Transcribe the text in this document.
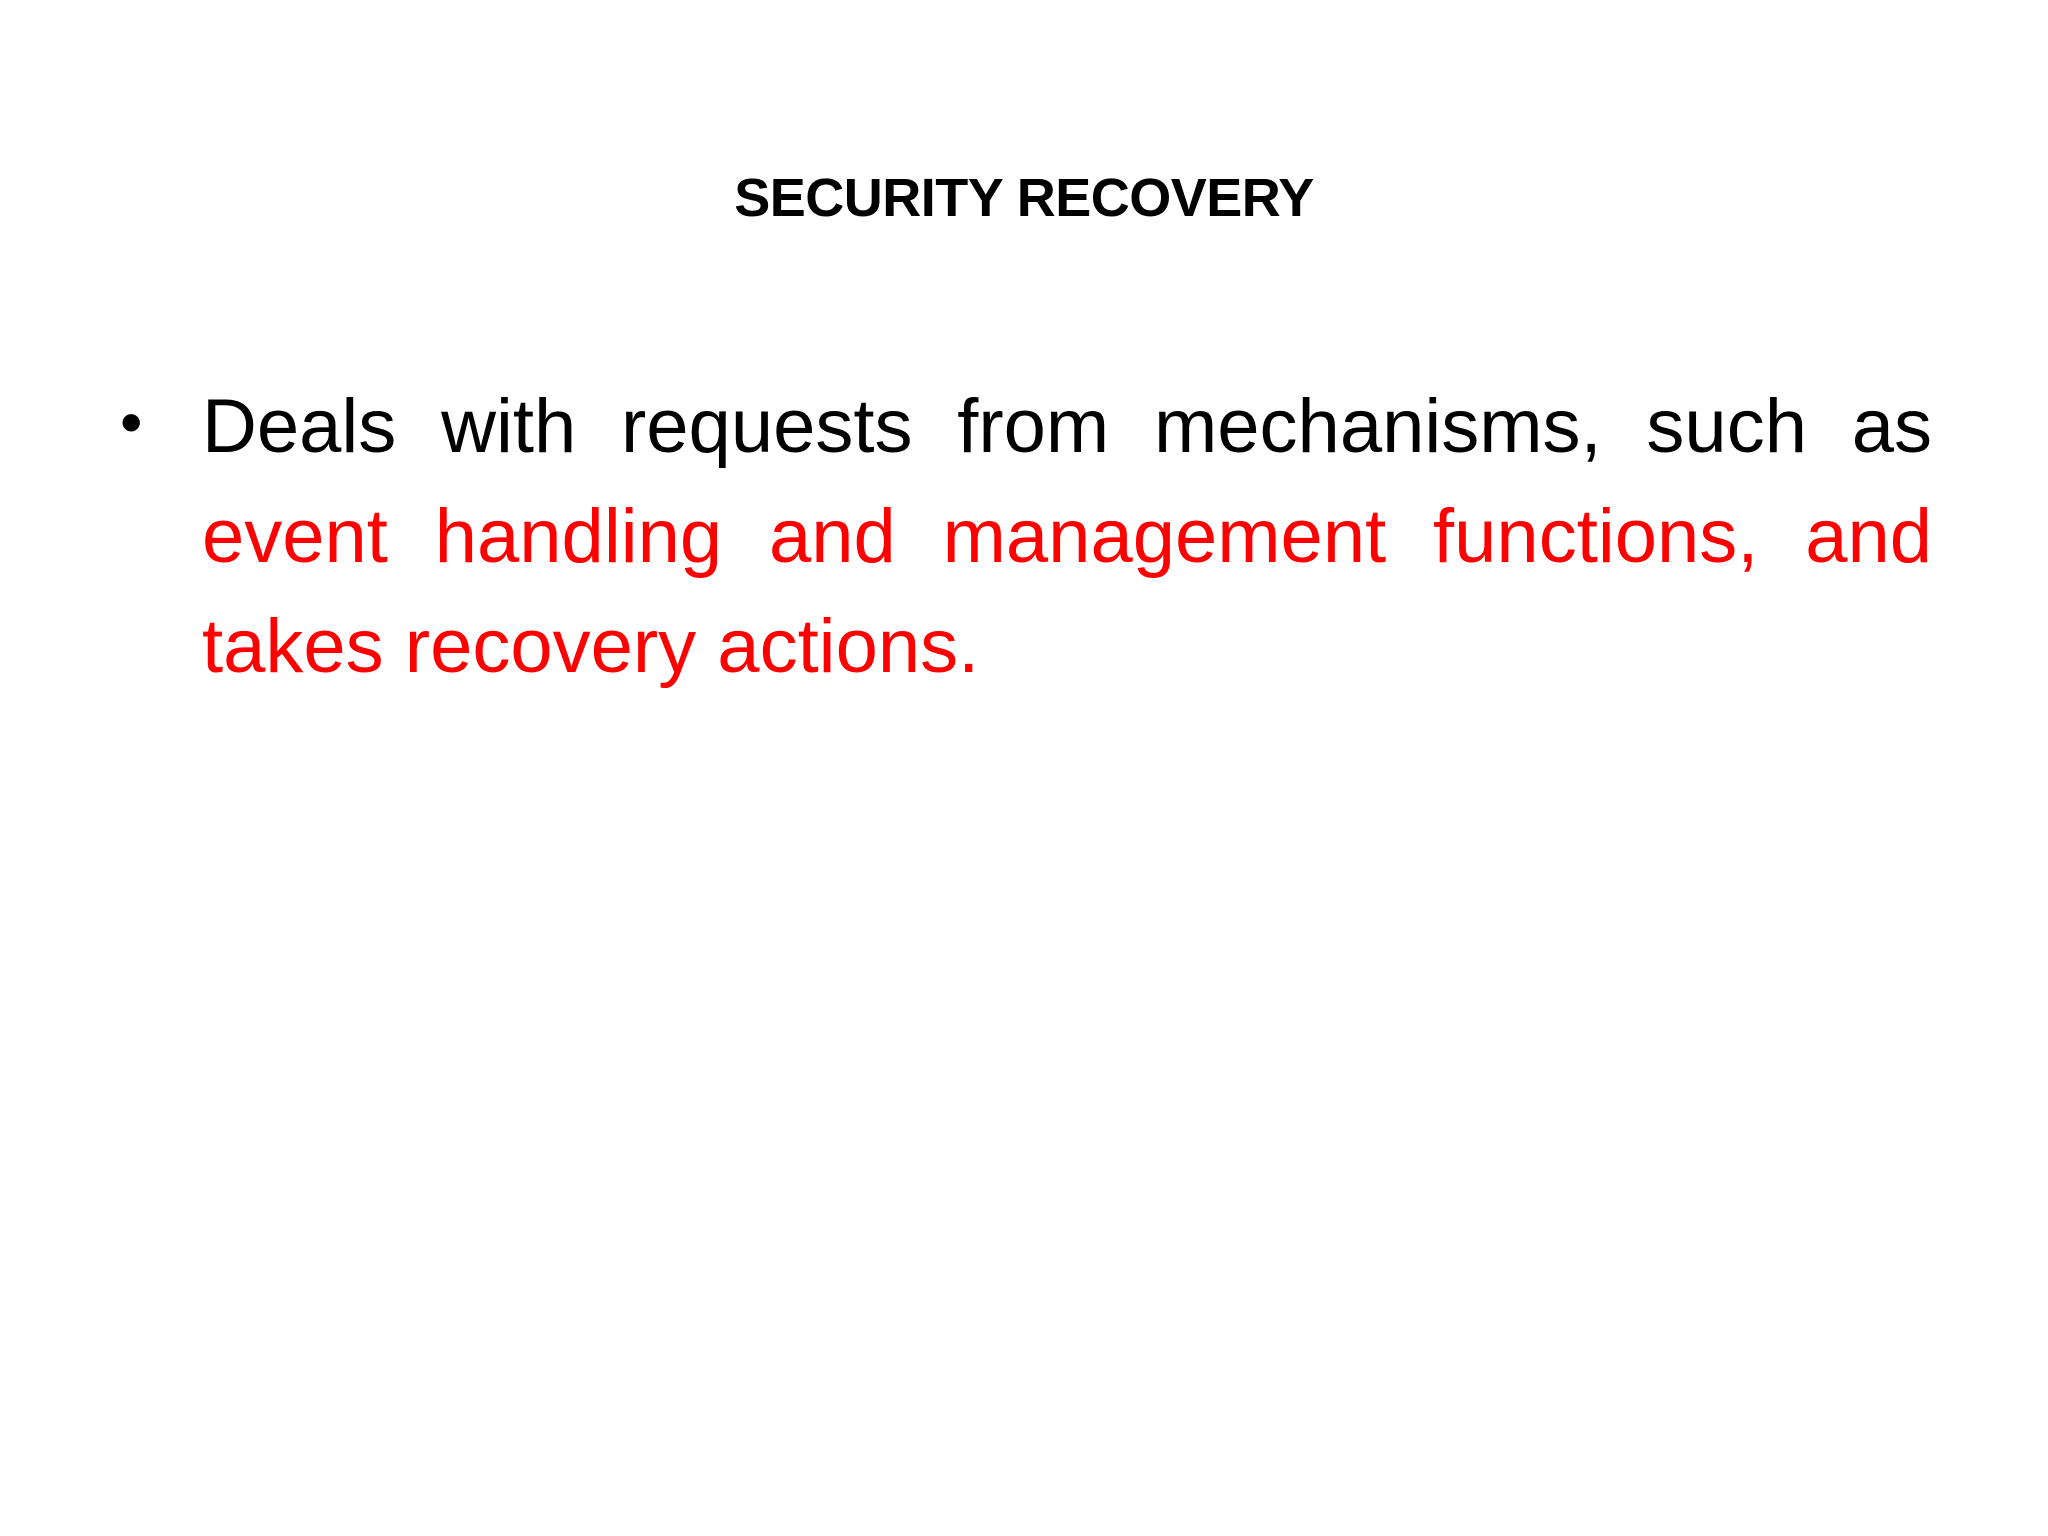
SECURITY RECOVERY
• Deals with requests from mechanisms, such as event handling and management functions, and takes recovery actions.
